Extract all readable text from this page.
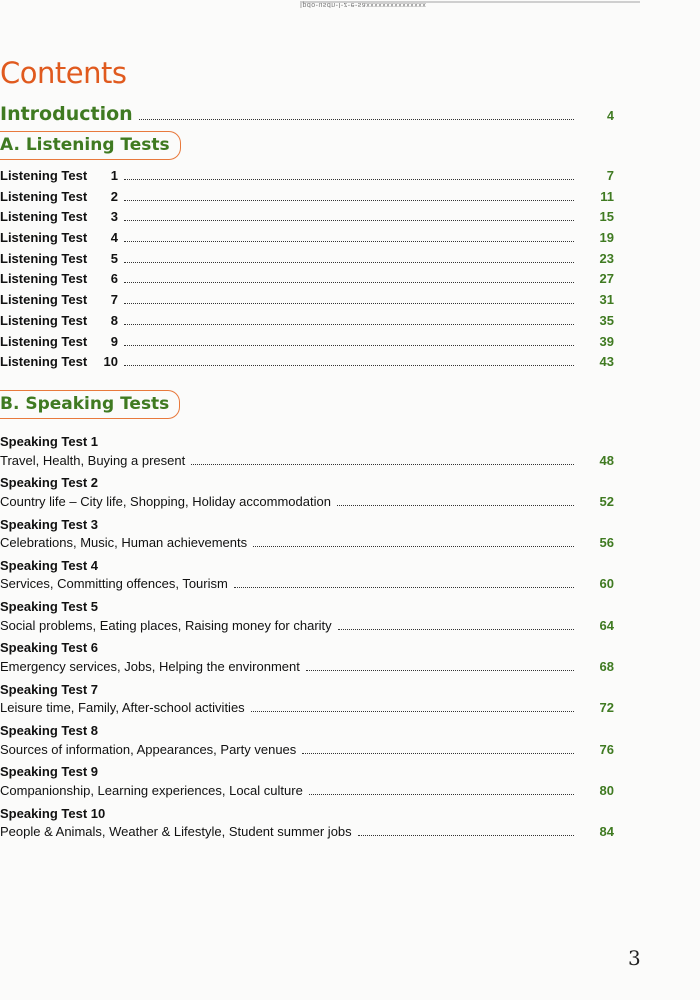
Ipdo-usdn-I-z-e-saxxxxxxxxxxxxxxx
Contents
Introduction	4
A. Listening Tests
Listening Test	1	7
Listening Test	2	11
Listening Test	3	15
Listening Test	4	19
Listening Test	5	23
Listening Test	6	27
Listening Test	7	31
Listening Test	8	35
Listening Test	9	39
Listening Test	10	43
B. Speaking Tests
Speaking Test 1
Travel, Health, Buying a present	48
Speaking Test 2
Country life – City life, Shopping, Holiday accommodation	52
Speaking Test 3
Celebrations, Music, Human achievements	56
Speaking Test 4
Services, Committing offences, Tourism	60
Speaking Test 5
Social problems, Eating places, Raising money for charity	64
Speaking Test 6
Emergency services, Jobs, Helping the environment	68
Speaking Test 7
Leisure time, Family, After-school activities	72
Speaking Test 8
Sources of information, Appearances, Party venues	76
Speaking Test 9
Companionship, Learning experiences, Local culture	80
Speaking Test 10
People & Animals, Weather & Lifestyle, Student summer jobs	84
3
